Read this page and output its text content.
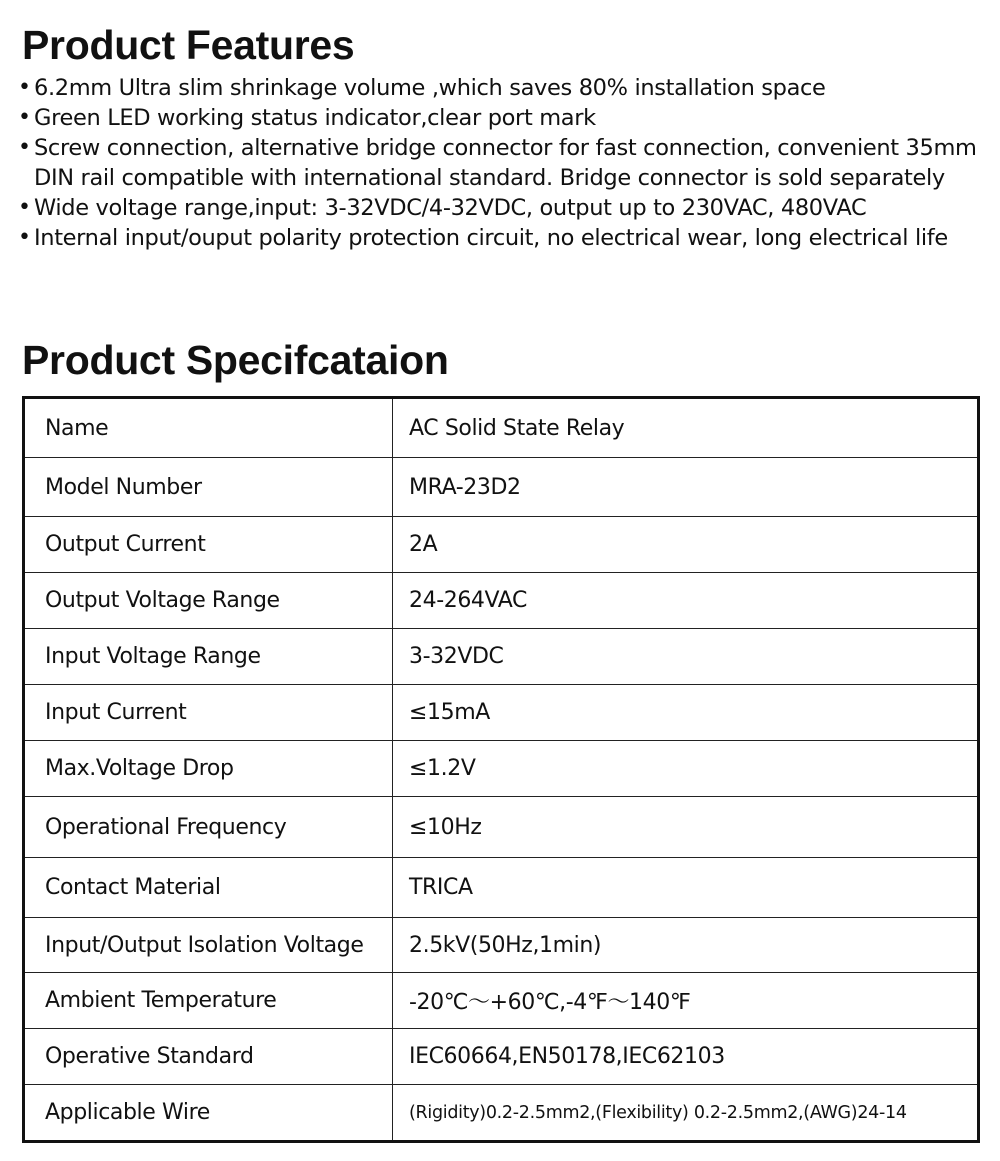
Product Features
• 6.2mm Ultra slim shrinkage volume ,which saves 80% installation space
• Green LED working status indicator,clear port mark
• Screw connection, alternative bridge connector for fast connection, convenient 35mm DIN rail compatible with international standard. Bridge connector is sold separately
• Wide voltage range,input: 3-32VDC/4-32VDC, output up to 230VAC, 480VAC
• Internal input/ouput polarity protection circuit, no electrical wear, long electrical life
Product Specifcataion
Name	AC Solid State Relay
Model Number	MRA-23D2
Output Current	2A
Output Voltage Range	24-264VAC
Input Voltage Range	3-32VDC
Input Current	≤15mA
Max.Voltage Drop	≤1.2V
Operational Frequency	≤10Hz
Contact Material	TRICA
Input/Output Isolation Voltage	2.5kV(50Hz,1min)
Ambient Temperature	-20℃～+60℃,-4℉～140℉
Operative Standard	IEC60664,EN50178,IEC62103
Applicable Wire	(Rigidity)0.2-2.5mm2,(Flexibility) 0.2-2.5mm2,(AWG)24-14
